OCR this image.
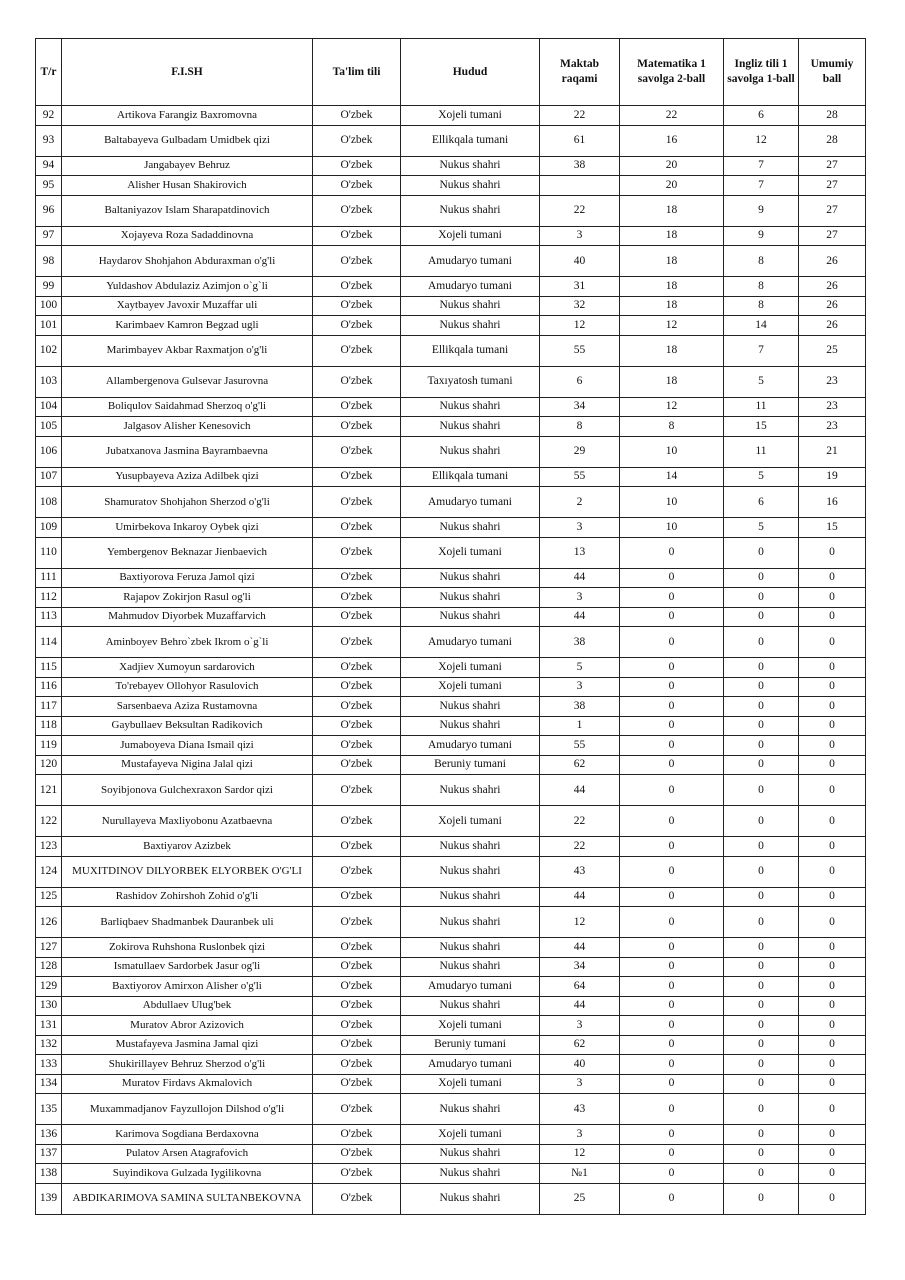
T/r	F.I.SH	Ta'lim tili	Hudud	Maktab raqami	Matematika 1 savolga 2-ball	Ingliz tili 1 savolga 1-ball	Umumiy ball
92	Artikova Farangiz Baxromovna	O'zbek	Xojeli tumani	22	22	6	28
93	Baltabayeva Gulbadam Umidbek qizi	O'zbek	Ellikqala tumani	61	16	12	28
94	Jangabayev Behruz	O'zbek	Nukus shahri	38	20	7	27
95	Alisher Husan Shakirovich	O'zbek	Nukus shahri		20	7	27
96	Baltaniyazov Islam Sharapatdinovich	O'zbek	Nukus shahri	22	18	9	27
97	Xojayeva Roza Sadaddinovna	O'zbek	Xojeli tumani	3	18	9	27
98	Haydarov Shohjahon Abduraxman o'g'li	O'zbek	Amudaryo tumani	40	18	8	26
99	Yuldashov Abdulaziz Azimjon o`g`li	O'zbek	Amudaryo tumani	31	18	8	26
100	Xaytbayev Javoxir Muzaffar uli	O'zbek	Nukus shahri	32	18	8	26
101	Karimbaev Kamron Begzad ugli	O'zbek	Nukus shahri	12	12	14	26
102	Marimbayev Akbar Raxmatjon o'g'li	O'zbek	Ellikqala tumani	55	18	7	25
103	Allambergenova Gulsevar Jasurovna	O'zbek	Taxıyatosh tumani	6	18	5	23
104	Boliqulov Saidahmad Sherzoq o'g'li	O'zbek	Nukus shahri	34	12	11	23
105	Jalgasov Alisher Kenesovich	O'zbek	Nukus shahri	8	8	15	23
106	Jubatxanova Jasmina Bayrambaevna	O'zbek	Nukus shahri	29	10	11	21
107	Yusupbayeva Aziza Adilbek qizi	O'zbek	Ellikqala tumani	55	14	5	19
108	Shamuratov Shohjahon Sherzod o'g'li	O'zbek	Amudaryo tumani	2	10	6	16
109	Umirbekova Inkaroy Oybek qizi	O'zbek	Nukus shahri	3	10	5	15
110	Yembergenov Beknazar Jienbaevich	O'zbek	Xojeli tumani	13	0	0	0
111	Baxtiyorova Feruza Jamol qizi	O'zbek	Nukus shahri	44	0	0	0
112	Rajapov Zokirjon Rasul og'li	O'zbek	Nukus shahri	3	0	0	0
113	Mahmudov Diyorbek Muzaffarvich	O'zbek	Nukus shahri	44	0	0	0
114	Aminboyev Behro`zbek Ikrom o`g`li	O'zbek	Amudaryo tumani	38	0	0	0
115	Xadjiev Xumoyun sardarovich	O'zbek	Xojeli tumani	5	0	0	0
116	To'rebayev Ollohyor Rasulovich	O'zbek	Xojeli tumani	3	0	0	0
117	Sarsenbaeva Aziza Rustamovna	O'zbek	Nukus shahri	38	0	0	0
118	Gaybullaev Beksultan Radikovich	O'zbek	Nukus shahri	1	0	0	0
119	Jumaboyeva Diana Ismail qizi	O'zbek	Amudaryo tumani	55	0	0	0
120	Mustafayeva Nigina Jalal qizi	O'zbek	Beruniy tumani	62	0	0	0
121	Soyibjonova Gulchexraxon Sardor qizi	O'zbek	Nukus shahri	44	0	0	0
122	Nurullayeva Maxliyobonu Azatbaevna	O'zbek	Xojeli tumani	22	0	0	0
123	Baxtiyarov Azizbek	O'zbek	Nukus shahri	22	0	0	0
124	MUXITDINOV DILYORBEK ELYORBEK O'G'LI	O'zbek	Nukus shahri	43	0	0	0
125	Rashidov Zohirshoh Zohid o'g'li	O'zbek	Nukus shahri	44	0	0	0
126	Barliqbaev Shadmanbek Dauranbek uli	O'zbek	Nukus shahri	12	0	0	0
127	Zokirova Ruhshona Ruslonbek qizi	O'zbek	Nukus shahri	44	0	0	0
128	Ismatullaev Sardorbek Jasur og'li	O'zbek	Nukus shahri	34	0	0	0
129	Baxtiyorov Amirxon Alisher o'g'li	O'zbek	Amudaryo tumani	64	0	0	0
130	Abdullaev Ulug'bek	O'zbek	Nukus shahri	44	0	0	0
131	Muratov Abror Azizovich	O'zbek	Xojeli tumani	3	0	0	0
132	Mustafayeva Jasmina Jamal qizi	O'zbek	Beruniy tumani	62	0	0	0
133	Shukirillayev Behruz Sherzod o'g'li	O'zbek	Amudaryo tumani	40	0	0	0
134	Muratov Firdavs Akmalovich	O'zbek	Xojeli tumani	3	0	0	0
135	Muxammadjanov Fayzullojon Dilshod o'g'li	O'zbek	Nukus shahri	43	0	0	0
136	Karimova Sogdiana Berdaxovna	O'zbek	Xojeli tumani	3	0	0	0
137	Pulatov Arsen Atagrafovich	O'zbek	Nukus shahri	12	0	0	0
138	Suyindikova Gulzada Iygilikovna	O'zbek	Nukus shahri	№1	0	0	0
139	ABDIKARIMOVA SAMINA SULTANBEKOVNA	O'zbek	Nukus shahri	25	0	0	0
